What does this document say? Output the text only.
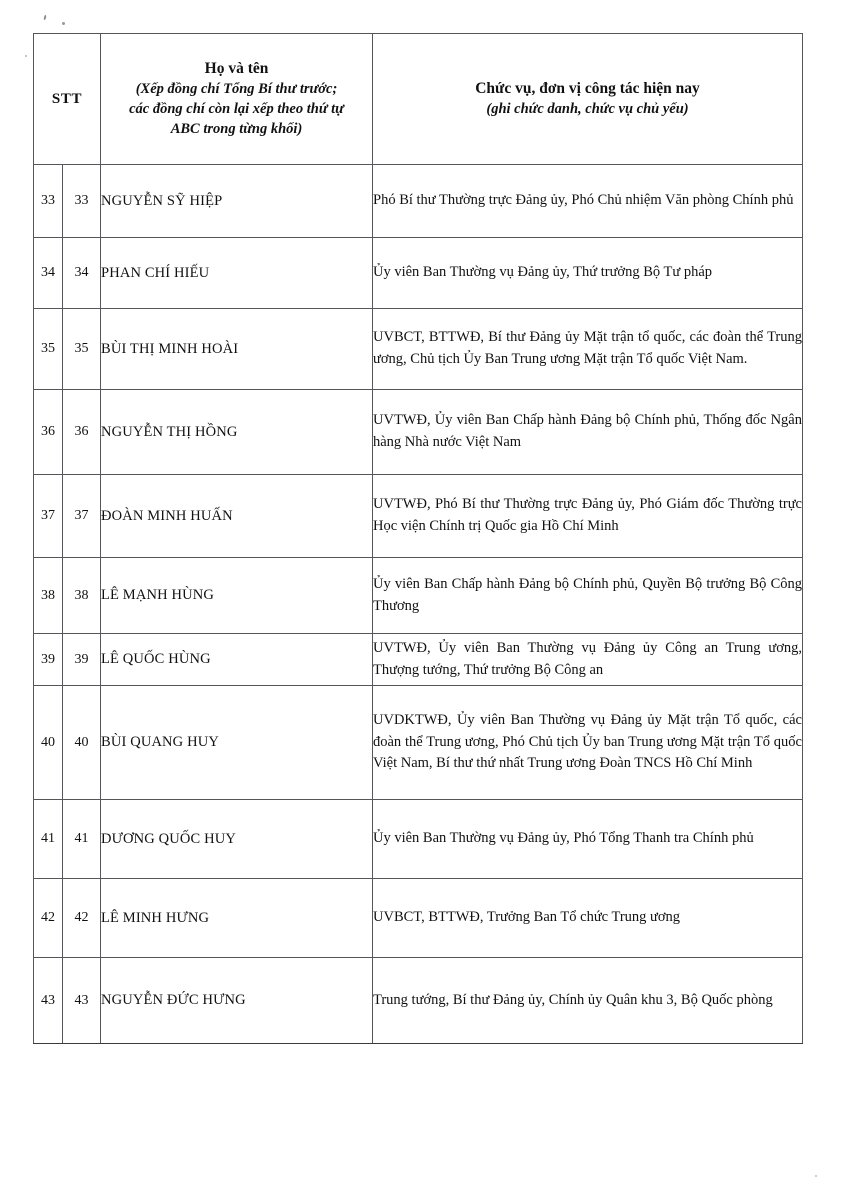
STT

Họ và tên
(Xếp đồng chí Tổng Bí thư trước;
các đồng chí còn lại xếp theo thứ tự
ABC trong từng khối)

Chức vụ, đơn vị công tác hiện nay
(ghi chức danh, chức vụ chủ yếu)

33	33	NGUYỄN SỸ HIỆP	Phó Bí thư Thường trực Đảng ủy, Phó Chủ nhiệm Văn phòng Chính phủ

34	34	PHAN CHÍ HIẾU	Ủy viên Ban Thường vụ Đảng ủy, Thứ trưởng Bộ Tư pháp

35	35	BÙI THỊ MINH HOÀI	UVBCT, BTTWĐ, Bí thư Đảng ủy Mặt trận tổ quốc, các đoàn thể Trung ương, Chủ tịch Ủy Ban Trung ương Mặt trận Tổ quốc Việt Nam.

36	36	NGUYỄN THỊ HỒNG	UVTWĐ, Ủy viên Ban Chấp hành Đảng bộ Chính phủ, Thống đốc Ngân hàng Nhà nước Việt Nam

37	37	ĐOÀN MINH HUẤN	UVTWĐ, Phó Bí thư Thường trực Đảng ủy, Phó Giám đốc Thường trực Học viện Chính trị Quốc gia Hồ Chí Minh

38	38	LÊ MẠNH HÙNG	Ủy viên Ban Chấp hành Đảng bộ Chính phủ, Quyền Bộ trưởng Bộ Công Thương

39	39	LÊ QUỐC HÙNG	UVTWĐ, Ủy viên Ban Thường vụ Đảng ủy Công an Trung ương, Thượng tướng, Thứ trưởng Bộ Công an

40	40	BÙI QUANG HUY	UVDKTWĐ, Ủy viên Ban Thường vụ Đảng ủy Mặt trận Tổ quốc, các đoàn thể Trung ương, Phó Chủ tịch Ủy ban Trung ương Mặt trận Tổ quốc Việt Nam, Bí thư thứ nhất Trung ương Đoàn TNCS Hồ Chí Minh

41	41	DƯƠNG QUỐC HUY	Ủy viên Ban Thường vụ Đảng ủy, Phó Tổng Thanh tra Chính phủ

42	42	LÊ MINH HƯNG	UVBCT, BTTWĐ, Trưởng Ban Tổ chức Trung ương

43	43	NGUYỄN ĐỨC HƯNG	Trung tướng, Bí thư Đảng ủy, Chính ủy Quân khu 3, Bộ Quốc phòng
